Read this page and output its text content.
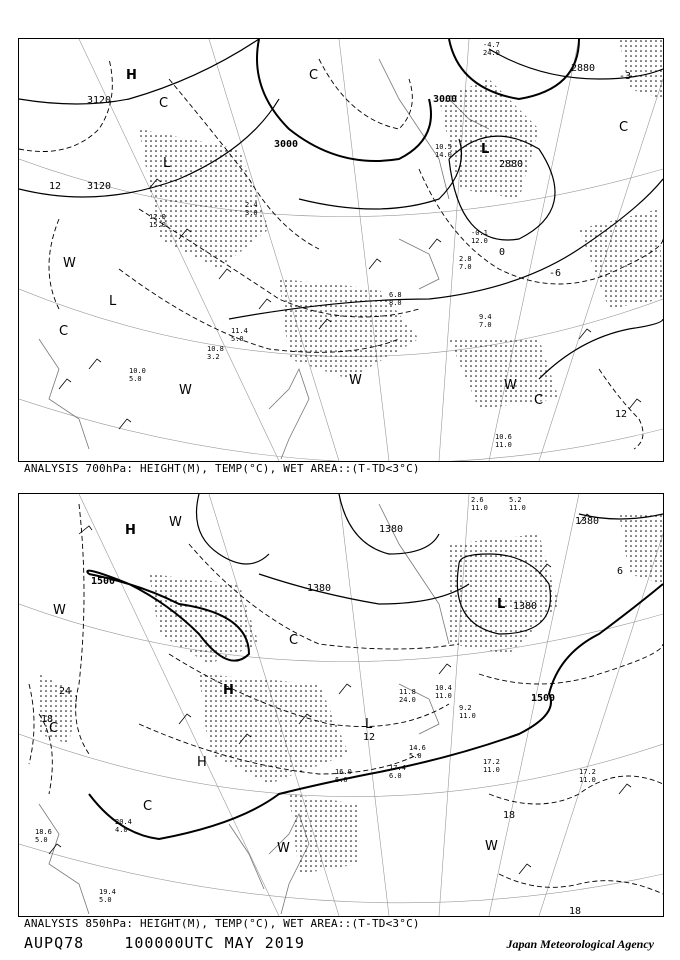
3120
3120
3000
3000
2880
2880
-6
0
12
12
-3
H
L
L
C
C
C
C
W
W	W
W
C
L
-4.7
24.0
10.5
14.0
-0.1
12.0
2.8
7.0
9.4
7.0
6.8
8.0
10.8
3.2
11.4
5.0
10.6
11.0
12.0
15.0
10.0
5.0
2.4
3.0
ANALYSIS 700hPa: HEIGHT(M), TEMP(°C), WET AREA::(T-TD<3°C)
1500
1500
1380
1380
1380
1380
24
18
18
12
6
18
H
H
H
L
L
C
C
W
W	W
W
C
2.6
11.0
5.2
11.0
17.2
11.0	17.2
11.0
10.4
11.0
9.2
11.0
11.8
24.0
14.6
5.0
17.4
6.0
16.0
6.0
18.6
5.0
20.4
4.0
19.4
5.0
ANALYSIS 850hPa: HEIGHT(M), TEMP(°C), WET AREA::(T-TD<3°C)
AUPQ78	100000UTC MAY 2019	Japan Meteorological Agency
